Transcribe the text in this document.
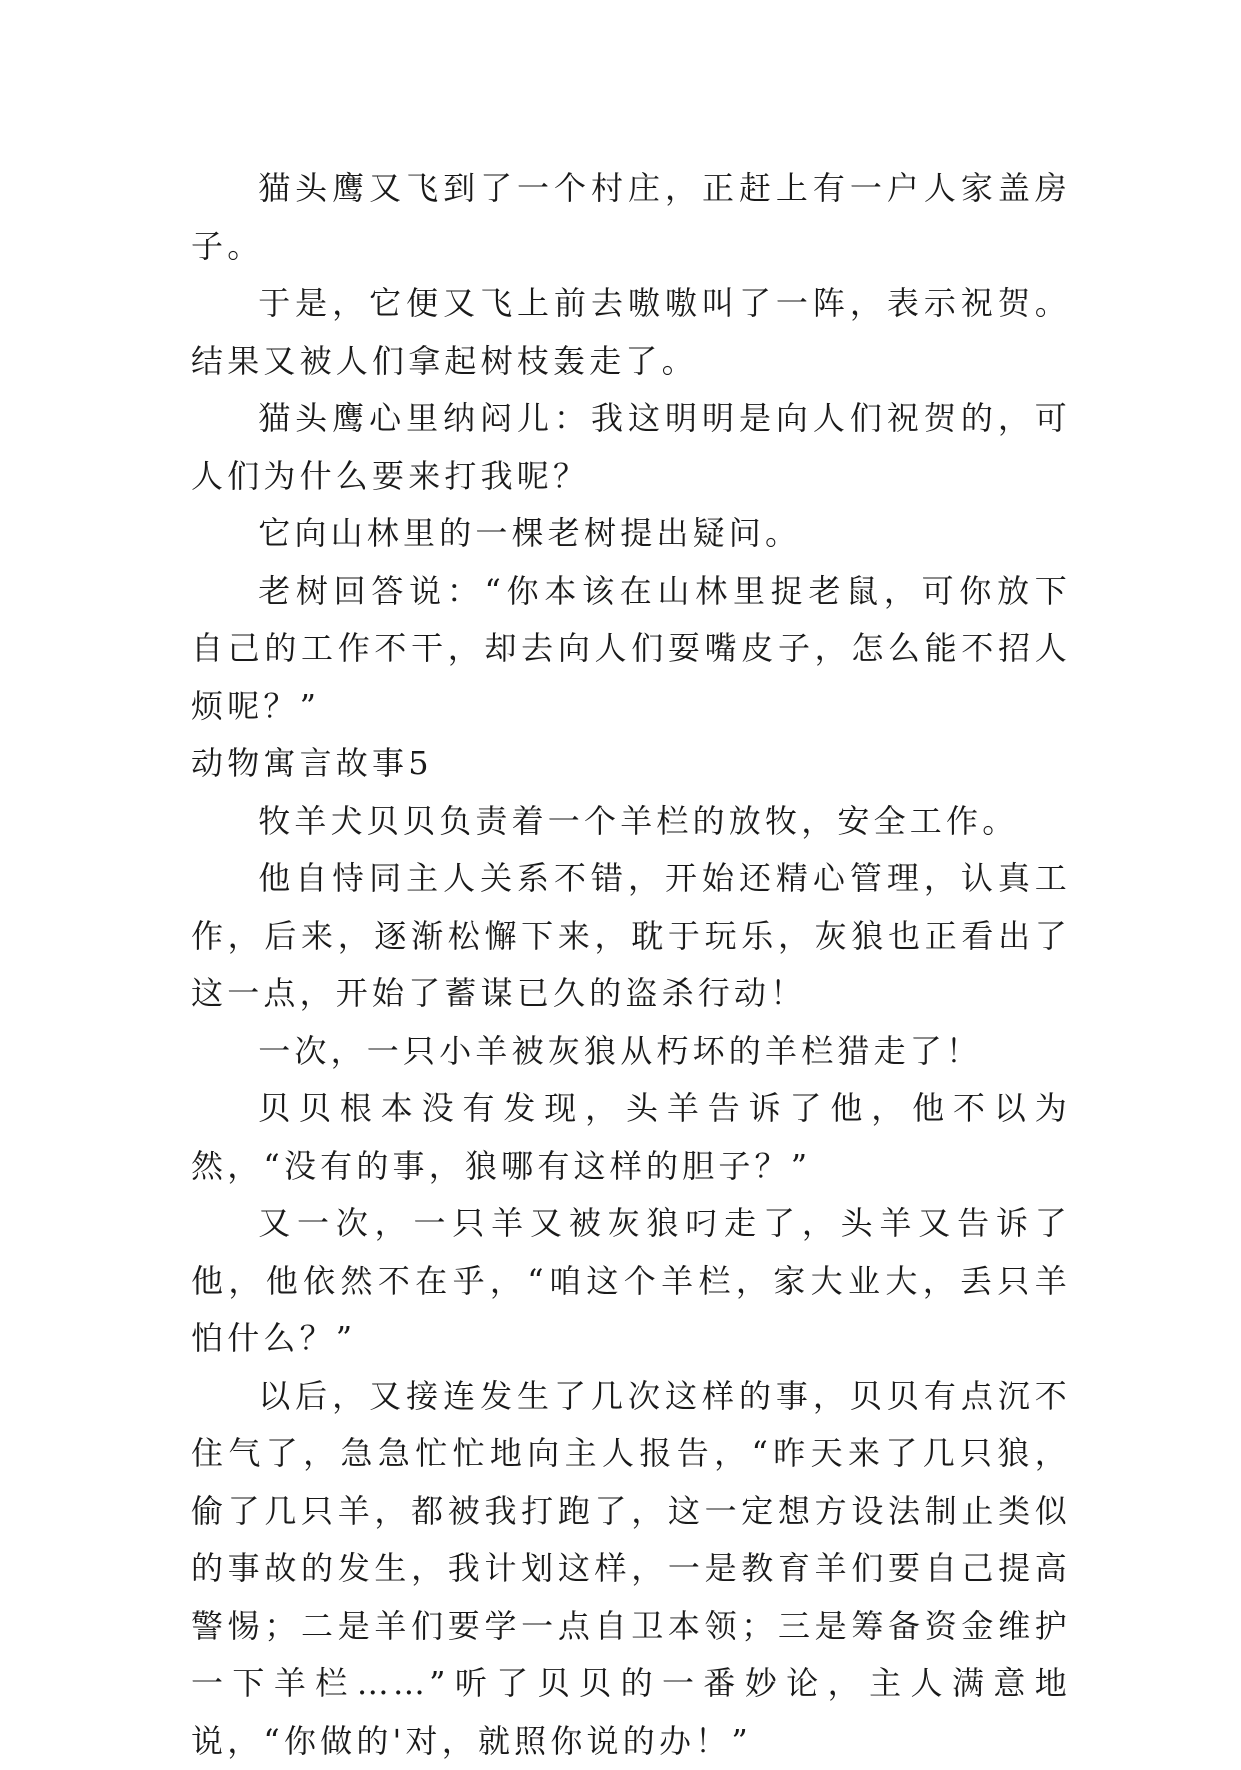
猫头鹰又飞到了一个村庄，正赶上有一户人家盖房子。

于是，它便又飞上前去嗷嗷叫了一阵，表示祝贺。结果又被人们拿起树枝轰走了。

猫头鹰心里纳闷儿：我这明明是向人们祝贺的，可人们为什么要来打我呢？

它向山林里的一棵老树提出疑问。

老树回答说：“你本该在山林里捉老鼠，可你放下自己的工作不干，却去向人们耍嘴皮子，怎么能不招人烦呢？”

动物寓言故事5

牧羊犬贝贝负责着一个羊栏的放牧，安全工作。

他自恃同主人关系不错，开始还精心管理，认真工作，后来，逐渐松懈下来，耽于玩乐，灰狼也正看出了这一点，开始了蓄谋已久的盗杀行动！

一次，一只小羊被灰狼从朽坏的羊栏猎走了！

贝贝根本没有发现，头羊告诉了他，他不以为然，“没有的事，狼哪有这样的胆子？”

又一次，一只羊又被灰狼叼走了，头羊又告诉了他，他依然不在乎，“咱这个羊栏，家大业大，丢只羊怕什么？”

以后，又接连发生了几次这样的事，贝贝有点沉不住气了，急急忙忙地向主人报告，“昨天来了几只狼，偷了几只羊，都被我打跑了，这一定想方设法制止类似的事故的发生，我计划这样，一是教育羊们要自己提高警惕；二是羊们要学一点自卫本领；三是筹备资金维护一下羊栏……”听了贝贝的一番妙论，主人满意地说，“你做的'对，就照你说的办！”
